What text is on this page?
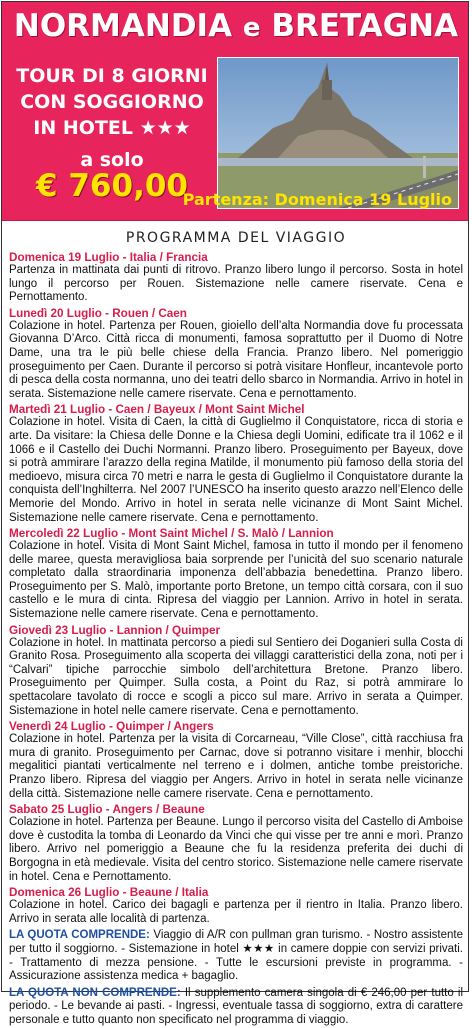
NORMANDIA e BRETAGNA
TOUR DI 8 GIORNI
CON SOGGIORNO
IN HOTEL ★★★
a solo
€ 760,00
Partenza: Domenica 19 Luglio
PROGRAMMA DEL VIAGGIO
Domenica 19 Luglio - Italia / Francia
Partenza in mattinata dai punti di ritrovo. Pranzo libero lungo il percorso. Sosta in hotel lungo il percorso per Rouen. Sistemazione nelle camere riservate. Cena e Pernottamento.
Lunedì 20 Luglio - Rouen / Caen
Colazione in hotel. Partenza per Rouen, gioiello dell’alta Normandia dove fu processata Giovanna D’Arco. Città ricca di monumenti, famosa soprattutto per il Duomo di Notre Dame, una tra le più belle chiese della Francia. Pranzo libero. Nel pomeriggio proseguimento per Caen. Durante il percorso si potrà visitare Honfleur, incantevole porto di pesca della costa normanna, uno dei teatri dello sbarco in Normandia. Arrivo in hotel in serata. Sistemazione nelle camere riservate. Cena e pernottamento.
Martedì 21 Luglio - Caen / Bayeux / Mont Saint Michel
Colazione in hotel. Visita di Caen, la città di Guglielmo il Conquistatore, ricca di storia e arte. Da visitare: la Chiesa delle Donne e la Chiesa degli Uomini, edificate tra il 1062 e il 1066 e il Castello dei Duchi Normanni. Pranzo libero. Proseguimento per Bayeux, dove si potrà ammirare l’arazzo della regina Matilde, il monumento più famoso della storia del medioevo, misura circa 70 metri e narra le gesta di Guglielmo il Conquistatore durante la conquista dell’Inghilterra. Nel 2007 l’UNESCO ha inserito questo arazzo nell’Elenco delle Memorie del Mondo. Arrivo in hotel in serata nelle vicinanze di Mont Saint Michel. Sistemazione nelle camere riservate. Cena e pernottamento.
Mercoledì 22 Luglio - Mont Saint Michel / S. Malò / Lannion
Colazione in hotel. Visita di Mont Saint Michel, famosa in tutto il mondo per il fenomeno delle maree, questa meravigliosa baia sorprende per l’unicità del suo scenario naturale completato dalla straordinaria imponenza dell’abbazia benedettina. Pranzo libero. Proseguimento per S. Malò, importante porto Bretone, un tempo città corsara, con il suo castello e le mura di cinta. Ripresa del viaggio per Lannion. Arrivo in hotel in serata. Sistemazione nelle camere riservate. Cena e pernottamento.
Giovedì 23 Luglio - Lannion / Quimper
Colazione in hotel. In mattinata percorso a piedi sul Sentiero dei Doganieri sulla Costa di Granito Rosa. Proseguimento alla scoperta dei villaggi caratteristici della zona, noti per i “Calvari” tipiche parrocchie simbolo dell’architettura Bretone. Pranzo libero. Proseguimento per Quimper. Sulla costa, a Point du Raz, si potrà ammirare lo spettacolare tavolato di rocce e scogli a picco sul mare. Arrivo in serata a Quimper. Sistemazione in hotel nelle camere riservate. Cena e pernottamento.
Venerdì 24 Luglio - Quimper / Angers
Colazione in hotel. Partenza per la visita di Corcarneau, “Ville Close”, città racchiusa fra mura di granito. Proseguimento per Carnac, dove si potranno visitare i menhir, blocchi megalitici piantati verticalmente nel terreno e i dolmen, antiche tombe preistoriche. Pranzo libero. Ripresa del viaggio per Angers. Arrivo in hotel in serata nelle vicinanze della città. Sistemazione nelle camere riservate. Cena e pernottamento.
Sabato 25 Luglio - Angers / Beaune
Colazione in hotel. Partenza per Beaune. Lungo il percorso visita del Castello di Amboise dove è custodita la tomba di Leonardo da Vinci che qui visse per tre anni e morì. Pranzo libero. Arrivo nel pomeriggio a Beaune che fu la residenza preferita dei duchi di Borgogna in età medievale. Visita del centro storico. Sistemazione nelle camere riservate in hotel. Cena e Pernottamento.
Domenica 26 Luglio - Beaune / Italia
Colazione in hotel. Carico dei bagagli e partenza per il rientro in Italia. Pranzo libero. Arrivo in serata alle località di partenza.
LA QUOTA COMPRENDE: Viaggio di A/R con pullman gran turismo. - Nostro assistente per tutto il soggiorno. - Sistemazione in hotel ★★★ in camere doppie con servizi privati. - Trattamento di mezza pensione. - Tutte le escursioni previste in programma. - Assicurazione assistenza medica + bagaglio.
LA QUOTA NON COMPRENDE: Il supplemento camera singola di € 246,00 per tutto il periodo. - Le bevande ai pasti. - Ingressi, eventuale tassa di soggiorno, extra di carattere personale e tutto quanto non specificato nel programma di viaggio.
